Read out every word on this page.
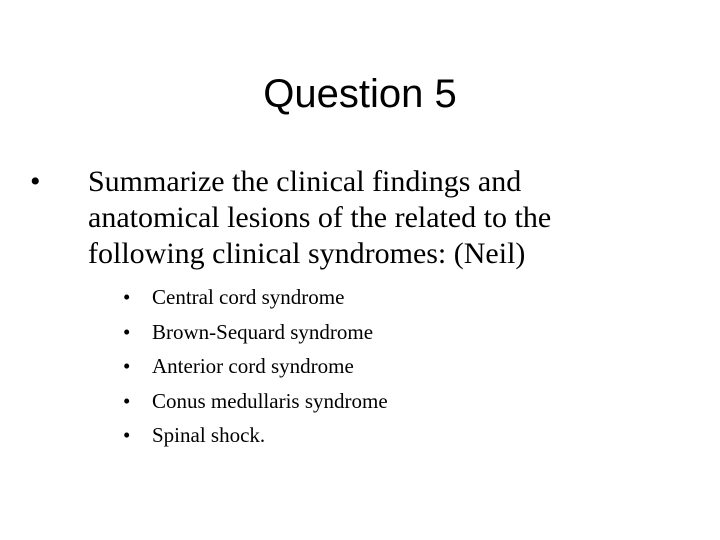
Question 5
• Summarize the clinical findings and anatomical lesions of the related to the following clinical syndromes: (Neil)
• Central cord syndrome
• Brown-Sequard syndrome
• Anterior cord syndrome
• Conus medullaris syndrome
• Spinal shock.
